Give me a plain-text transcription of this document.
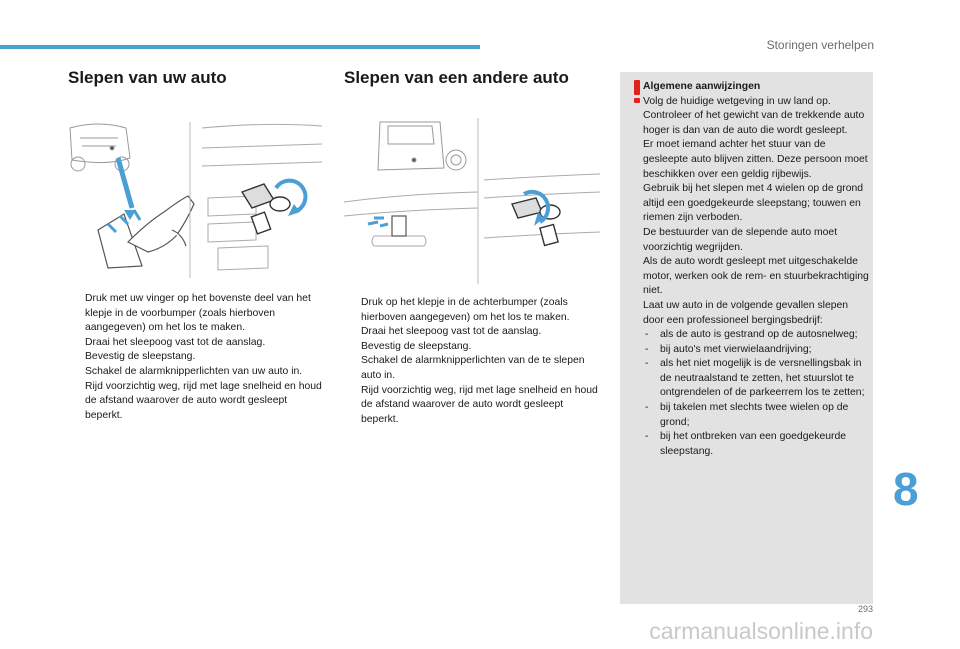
Storingen verhelpen
Slepen van uw auto
Druk met uw vinger op het bovenste deel van het klepje in de voorbumper (zoals hierboven aangegeven) om het los te maken.
Draai het sleepoog vast tot de aanslag.
Bevestig de sleepstang.
Schakel de alarmknipperlichten van uw auto in.
Rijd voorzichtig weg, rijd met lage snelheid en houd de afstand waarover de auto wordt gesleept beperkt.
Slepen van een andere auto
Druk op het klepje in de achterbumper (zoals hierboven aangegeven) om het los te maken.
Draai het sleepoog vast tot de aanslag.
Bevestig de sleepstang.
Schakel de alarmknipperlichten van de te slepen auto in.
Rijd voorzichtig weg, rijd met lage snelheid en houd de afstand waarover de auto wordt gesleept beperkt.
Algemene aanwijzingen
Volg de huidige wetgeving in uw land op.
Controleer of het gewicht van de trekkende auto hoger is dan van de auto die wordt gesleept.
Er moet iemand achter het stuur van de gesleepte auto blijven zitten. Deze persoon moet beschikken over een geldig rijbewijs.
Gebruik bij het slepen met 4 wielen op de grond altijd een goedgekeurde sleepstang; touwen en riemen zijn verboden.
De bestuurder van de slepende auto moet voorzichtig wegrijden.
Als de auto wordt gesleept met uitgeschakelde motor, werken ook de rem- en stuurbekrachtiging niet.
Laat uw auto in de volgende gevallen slepen door een professioneel bergingsbedrijf:
- als de auto is gestrand op de autosnelweg;
- bij auto's met vierwielaandrijving;
- als het niet mogelijk is de versnellingsbak in de neutraalstand te zetten, het stuurslot te ontgrendelen of de parkeerrem los te zetten;
- bij takelen met slechts twee wielen op de grond;
- bij het ontbreken van een goedgekeurde sleepstang.
8
293
carmanualsonline.info
